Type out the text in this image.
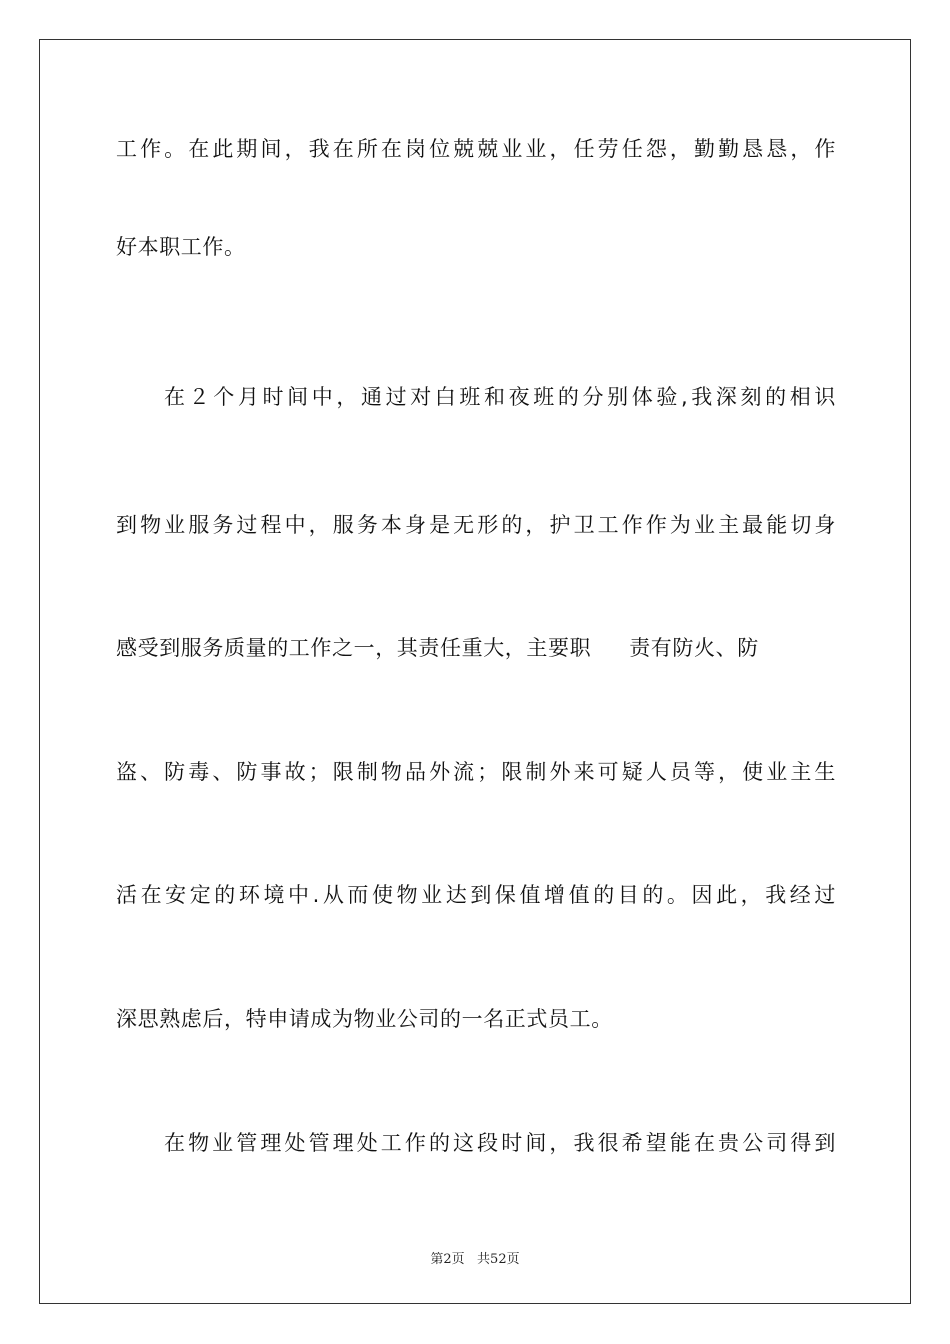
工作。在此期间，我在所在岗位兢兢业业，任劳任怨，勤勤恳恳，作
好本职工作。
在２个月时间中，通过对白班和夜班的分别体验,我深刻的相识
到物业服务过程中，服务本身是无形的，护卫工作作为业主最能切身
感受到服务质量的工作之一，其责任重大，主要职 责有防火、防
盗、防毒、防事故；限制物品外流；限制外来可疑人员等，使业主生
活在安定的环境中.从而使物业达到保值增值的目的。因此，我经过
深思熟虑后，特申请成为物业公司的一名正式员工。
在物业管理处管理处工作的这段时间，我很希望能在贵公司得到
第2页   共52页
